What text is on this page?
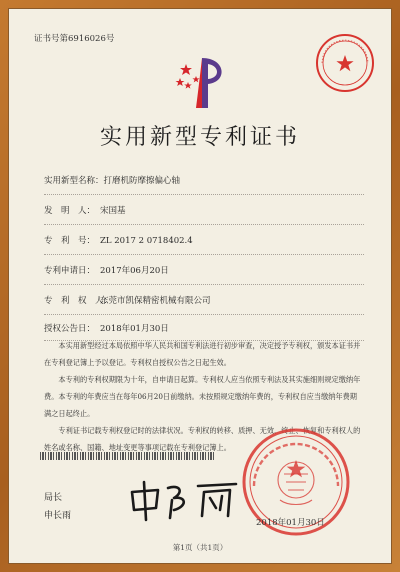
证书号第6916026号
实用新型专利证书
实用新型名称：打磨机防摩擦偏心轴
发　明　人： 宋国基
专　利　号： ZL 2017 2 0718402.4
专利申请日： 2017年06月20日
专　利　权　人：东莞市凯保精密机械有限公司
授权公告日： 2018年01月30日

本实用新型经过本局依照中华人民共和国专利法进行初步审查，决定授予专利权，颁发本证书并在专利登记簿上予以登记。专利权自授权公告之日起生效。

本专利的专利权期限为十年，自申请日起算。专利权人应当依照专利法及其实施细则规定缴纳年费。本专利的年费应当在每年06月20日前缴纳。未按照规定缴纳年费的，专利权自应当缴纳年费期满之日起终止。

专利证书记载专利权登记时的法律状况。专利权的转移、质押、无效、终止、恢复和专利权人的姓名或名称、国籍、地址变更等事项记载在专利登记簿上。

局长
申长雨
2018年01月30日
第1页（共1页）
